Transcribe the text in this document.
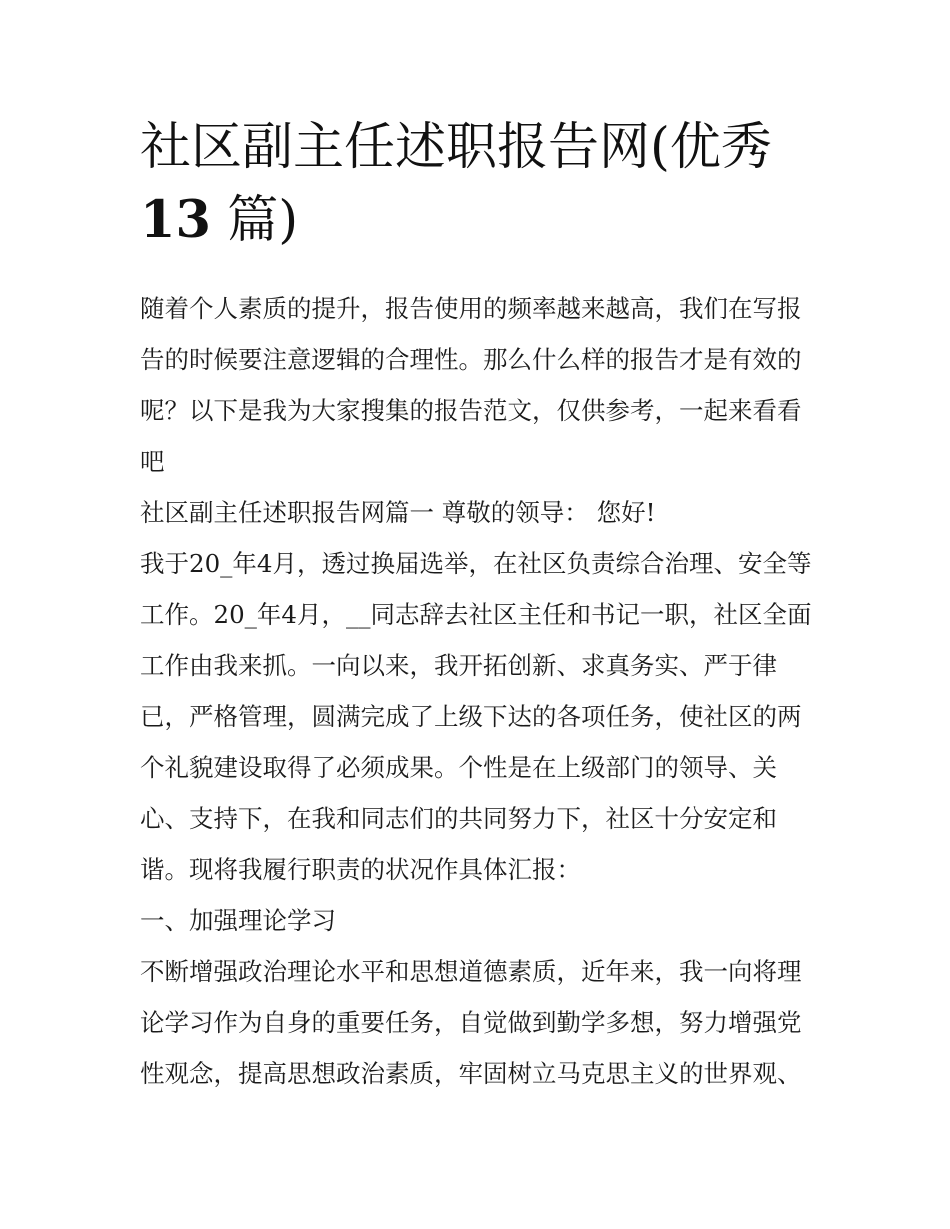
社区副主任述职报告网(优秀
13 篇)

随着个人素质的提升，报告使用的频率越来越高，我们在写报告的时候要注意逻辑的合理性。那么什么样的报告才是有效的呢？以下是我为大家搜集的报告范文，仅供参考，一起来看看吧

社区副主任述职报告网篇一 尊敬的领导： 您好!

我于20_年4月，透过换届选举，在社区负责综合治理、安全等工作。20_年4月，__同志辞去社区主任和书记一职，社区全面工作由我来抓。一向以来，我开拓创新、求真务实、严于律已，严格管理，圆满完成了上级下达的各项任务，使社区的两个礼貌建设取得了必须成果。个性是在上级部门的领导、关心、支持下，在我和同志们的共同努力下，社区十分安定和谐。现将我履行职责的状况作具体汇报：

一、加强理论学习

不断增强政治理论水平和思想道德素质，近年来，我一向将理论学习作为自身的重要任务，自觉做到勤学多想，努力增强党性观念，提高思想政治素质，牢固树立马克思主义的世界观、
